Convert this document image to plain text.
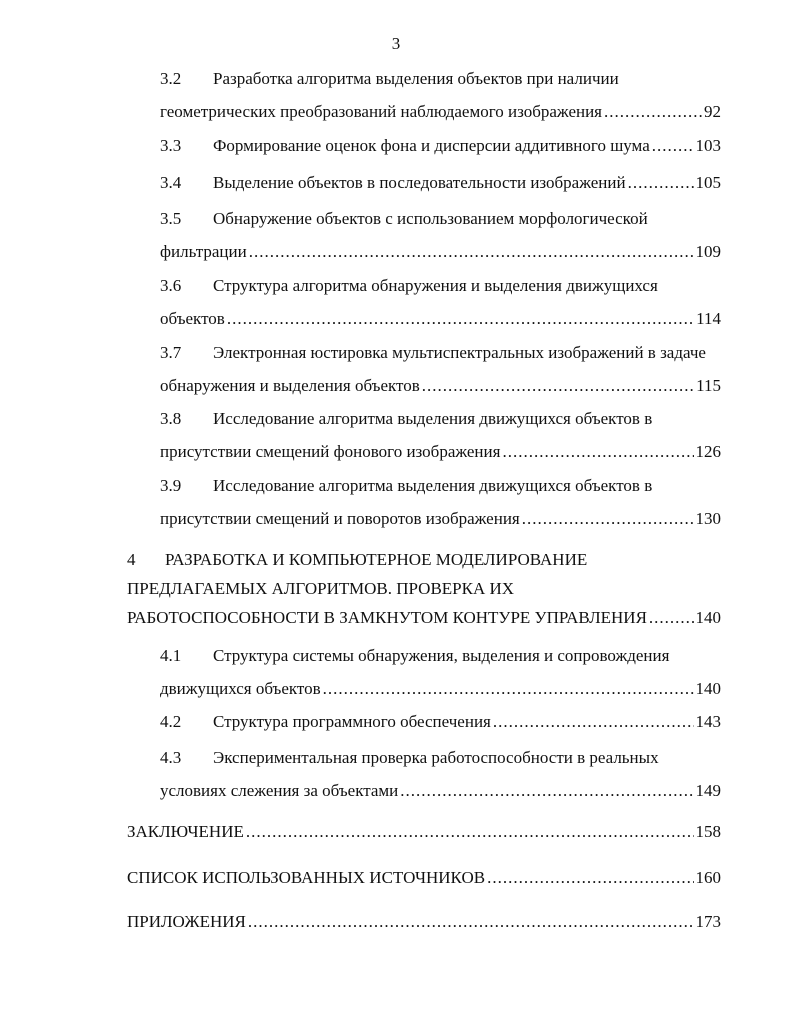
3
3.2	Разработка алгоритма выделения объектов при наличии
геометрических преобразований наблюдаемого изображения .....	92
3.3	Формирование оценок фона и дисперсии аддитивного шума .....	103
3.4	Выделение объектов в последовательности изображений .....	105
3.5	Обнаружение объектов с использованием морфологической
фильтрации .....	109
3.6	Структура алгоритма обнаружения и выделения движущихся
объектов .....	114
3.7	Электронная юстировка мультиспектральных изображений в задаче
обнаружения и выделения объектов .....	115
3.8	Исследование алгоритма выделения движущихся объектов в
присутствии смещений фонового изображения .....	126
3.9	Исследование алгоритма выделения движущихся объектов в
присутствии смещений и поворотов изображения .....	130
4	РАЗРАБОТКА И КОМПЬЮТЕРНОЕ МОДЕЛИРОВАНИЕ
ПРЕДЛАГАЕМЫХ АЛГОРИТМОВ. ПРОВЕРКА ИХ
РАБОТОСПОСОБНОСТИ В ЗАМКНУТОМ КОНТУРЕ УПРАВЛЕНИЯ .....	140
4.1	Структура системы обнаружения, выделения и сопровождения
движущихся объектов .....	140
4.2	Структура программного обеспечения .....	143
4.3	Экспериментальная проверка работоспособности в реальных
условиях слежения за объектами .....	149
ЗАКЛЮЧЕНИЕ .....	158
СПИСОК ИСПОЛЬЗОВАННЫХ ИСТОЧНИКОВ .....	160
ПРИЛОЖЕНИЯ .....	173
